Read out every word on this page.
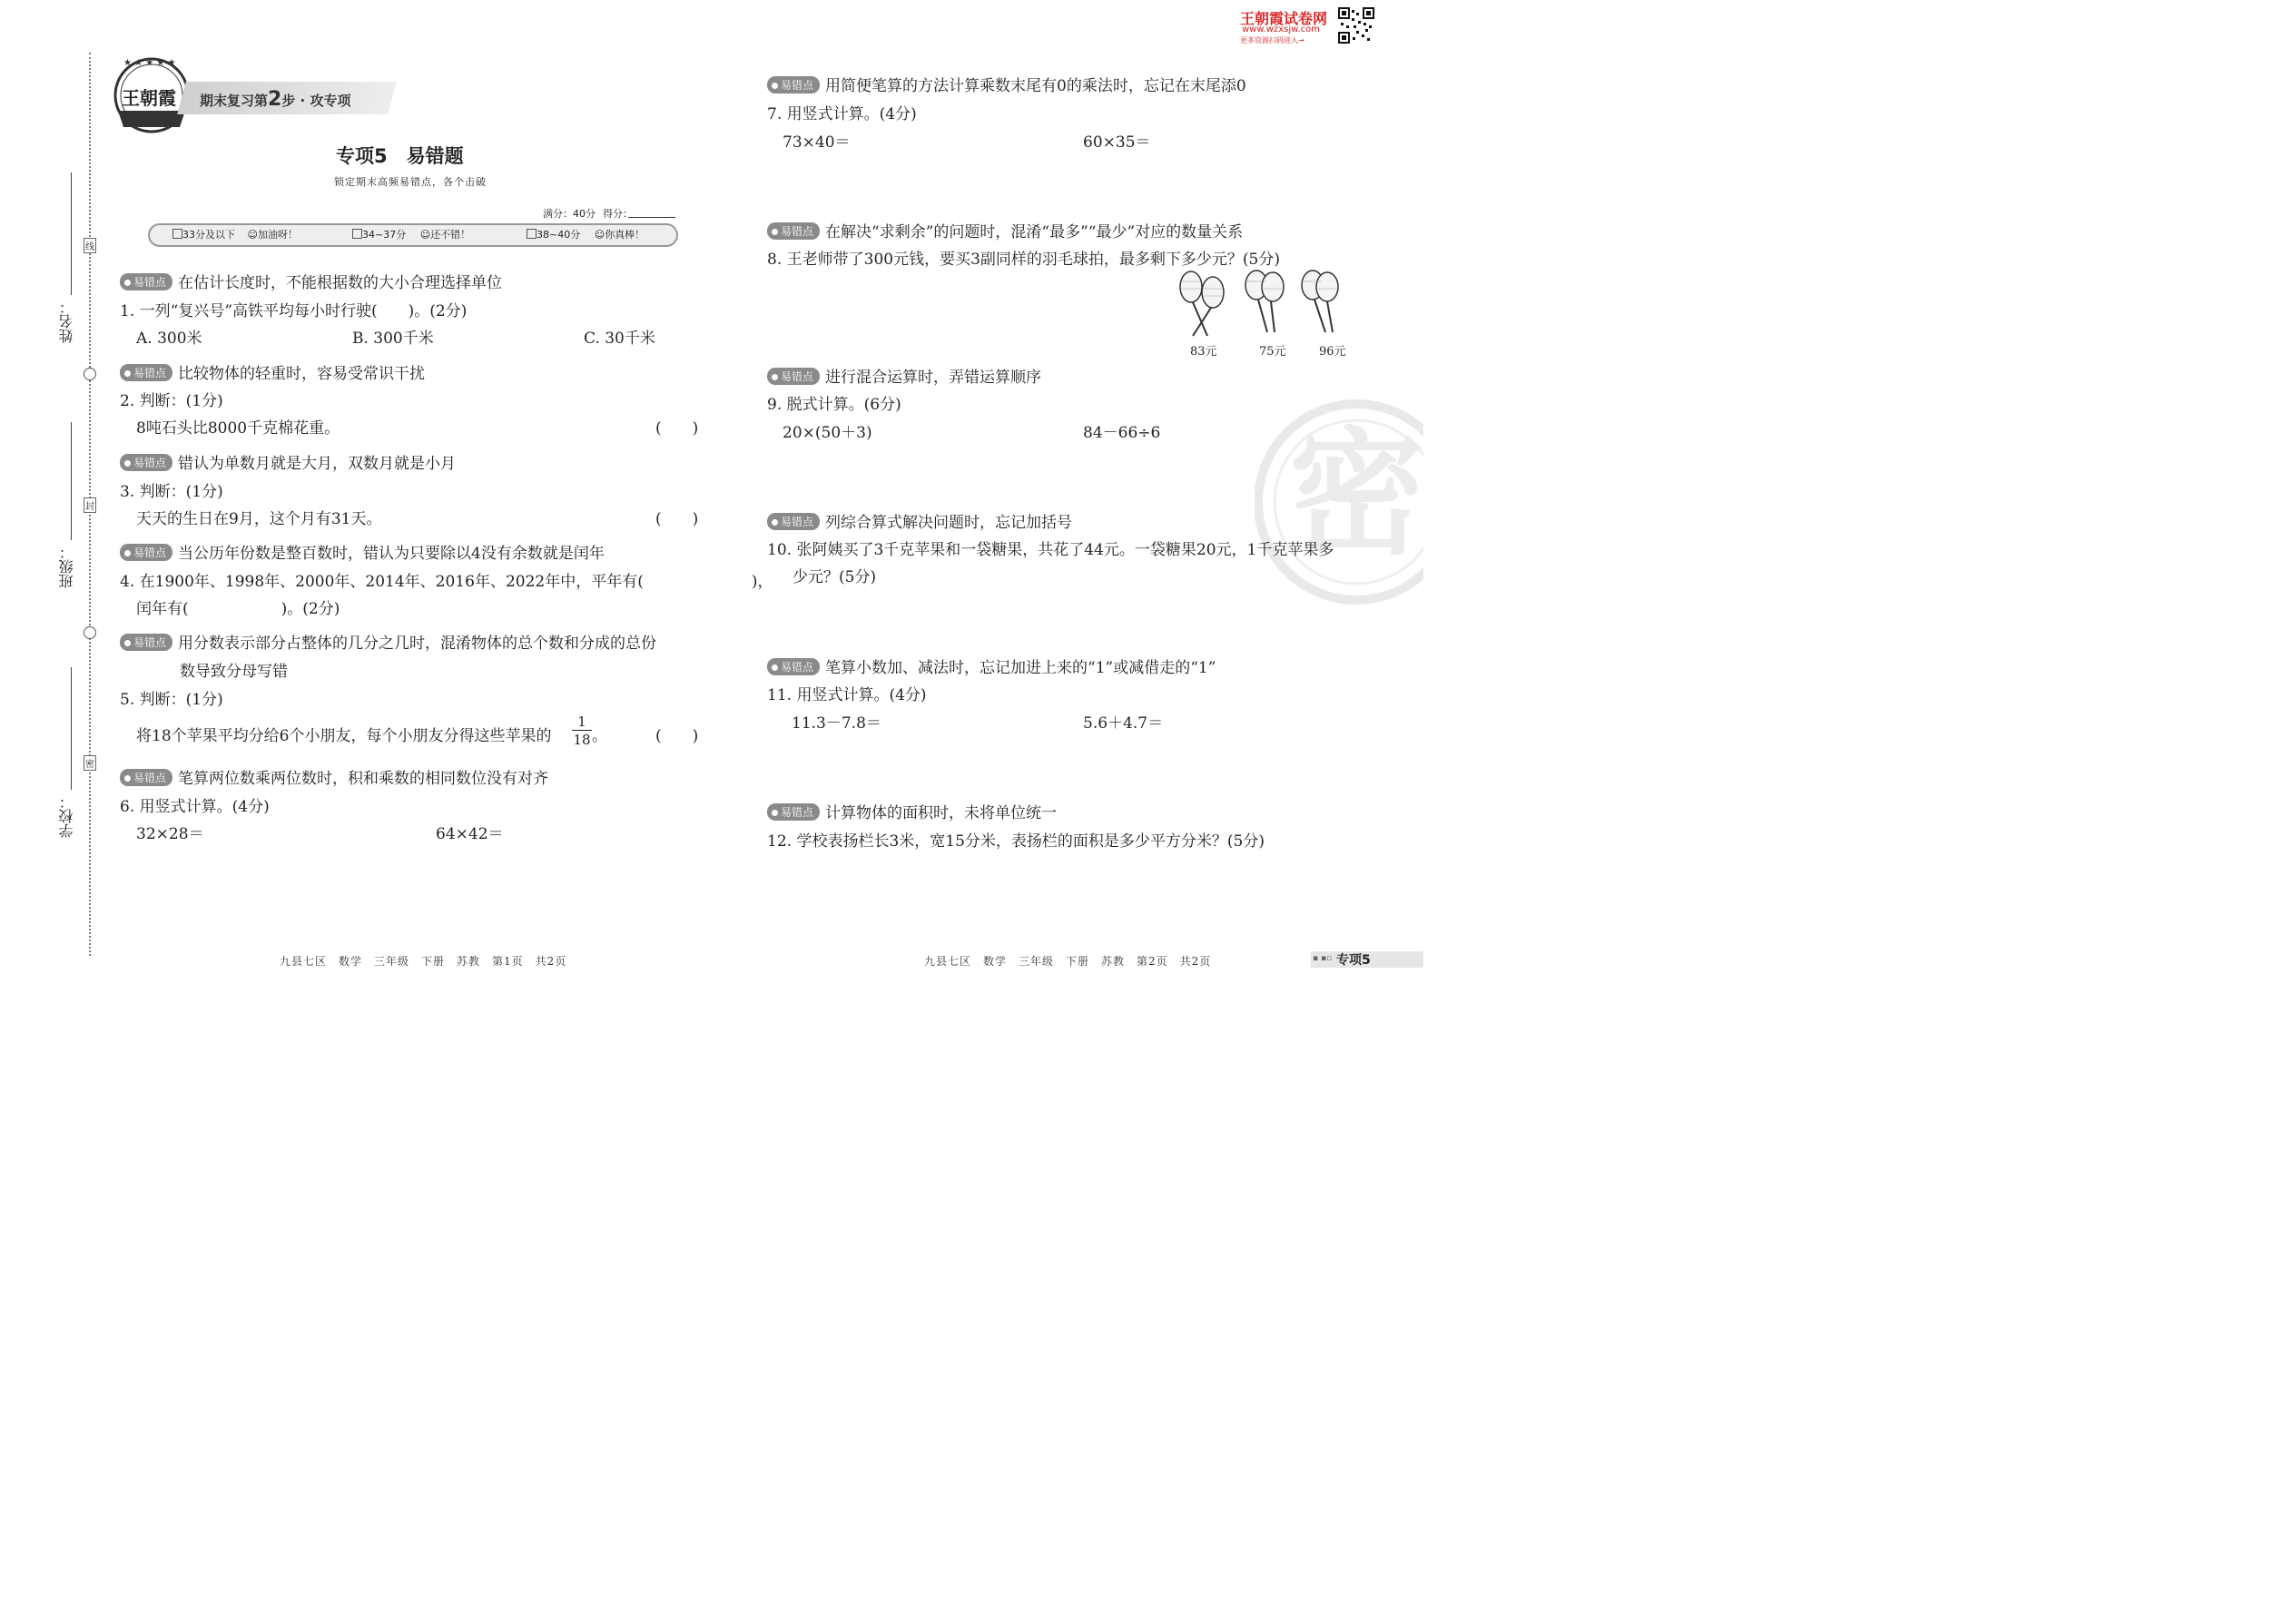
线
封
密
姓名：
班级：
学校：
★ ★ ★ ★ ★
王朝霞 期末复习第2步 · 攻专项
专项5　易错题
锁定期末高频易错点，各个击破
满分：40分 得分：
33分及以下 ☺加油呀！	34~37分 ☺还不错！	38~40分 ☺你真棒！
易错点 在估计长度时，不能根据数的大小合理选择单位
1. 一列“复兴号”高铁平均每小时行驶(　　)。(2分)
A. 300米	B. 300千米	C. 30千米
易错点 比较物体的轻重时，容易受常识干扰
2. 判断：(1分)
8吨石头比8000千克棉花重。	(　　)
易错点 错认为单数月就是大月，双数月就是小月
3. 判断：(1分)
天天的生日在9月，这个月有31天。	(　　)
易错点 当公历年份数是整百数时，错认为只要除以4没有余数就是闰年
4. 在1900年、1998年、2000年、2014年、2016年、2022年中，平年有(　　　　　　　)，
闰年有(　　　　　　)。(2分)
易错点 用分数表示部分占整体的几分之几时，混淆物体的总个数和分成的总份
数导致分母写错
5. 判断：(1分)
将18个苹果平均分给6个小朋友，每个小朋友分得这些苹果的 $\frac{1}{18}$ 。	(　　)
易错点 笔算两位数乘两位数时，积和乘数的相同数位没有对齐
6. 用竖式计算。(4分)
32×28＝	64×42＝
九县七区　数学　三年级　下册　苏教　第1页　共2页
王朝霞试卷网
www.wzxsjw.com
更多资源扫码进入→
密
易错点 用简便笔算的方法计算乘数末尾有0的乘法时，忘记在末尾添0
7. 用竖式计算。(4分)
73×40＝	60×35＝
易错点 在解决“求剩余”的问题时，混淆“最多”“最少”对应的数量关系
8. 王老师带了300元钱，要买3副同样的羽毛球拍，最多剩下多少元？(5分)
83元	75元	96元
易错点 进行混合运算时，弄错运算顺序
9. 脱式计算。(6分)
20×(50＋3)	84－66÷6
易错点 列综合算式解决问题时，忘记加括号
10. 张阿姨买了3千克苹果和一袋糖果，共花了44元。一袋糖果20元，1千克苹果多
少元？(5分)
易错点 笔算小数加、减法时，忘记加进上来的“1”或减借走的“1”
11. 用竖式计算。(4分)
11.3－7.8＝	5.6＋4.7＝
易错点 计算物体的面积时，未将单位统一
12. 学校表扬栏长3米，宽15分米，表扬栏的面积是多少平方分米？(5分)
九县七区　数学　三年级　下册　苏教　第2页　共2页	▪ ▪▫ 专项5
